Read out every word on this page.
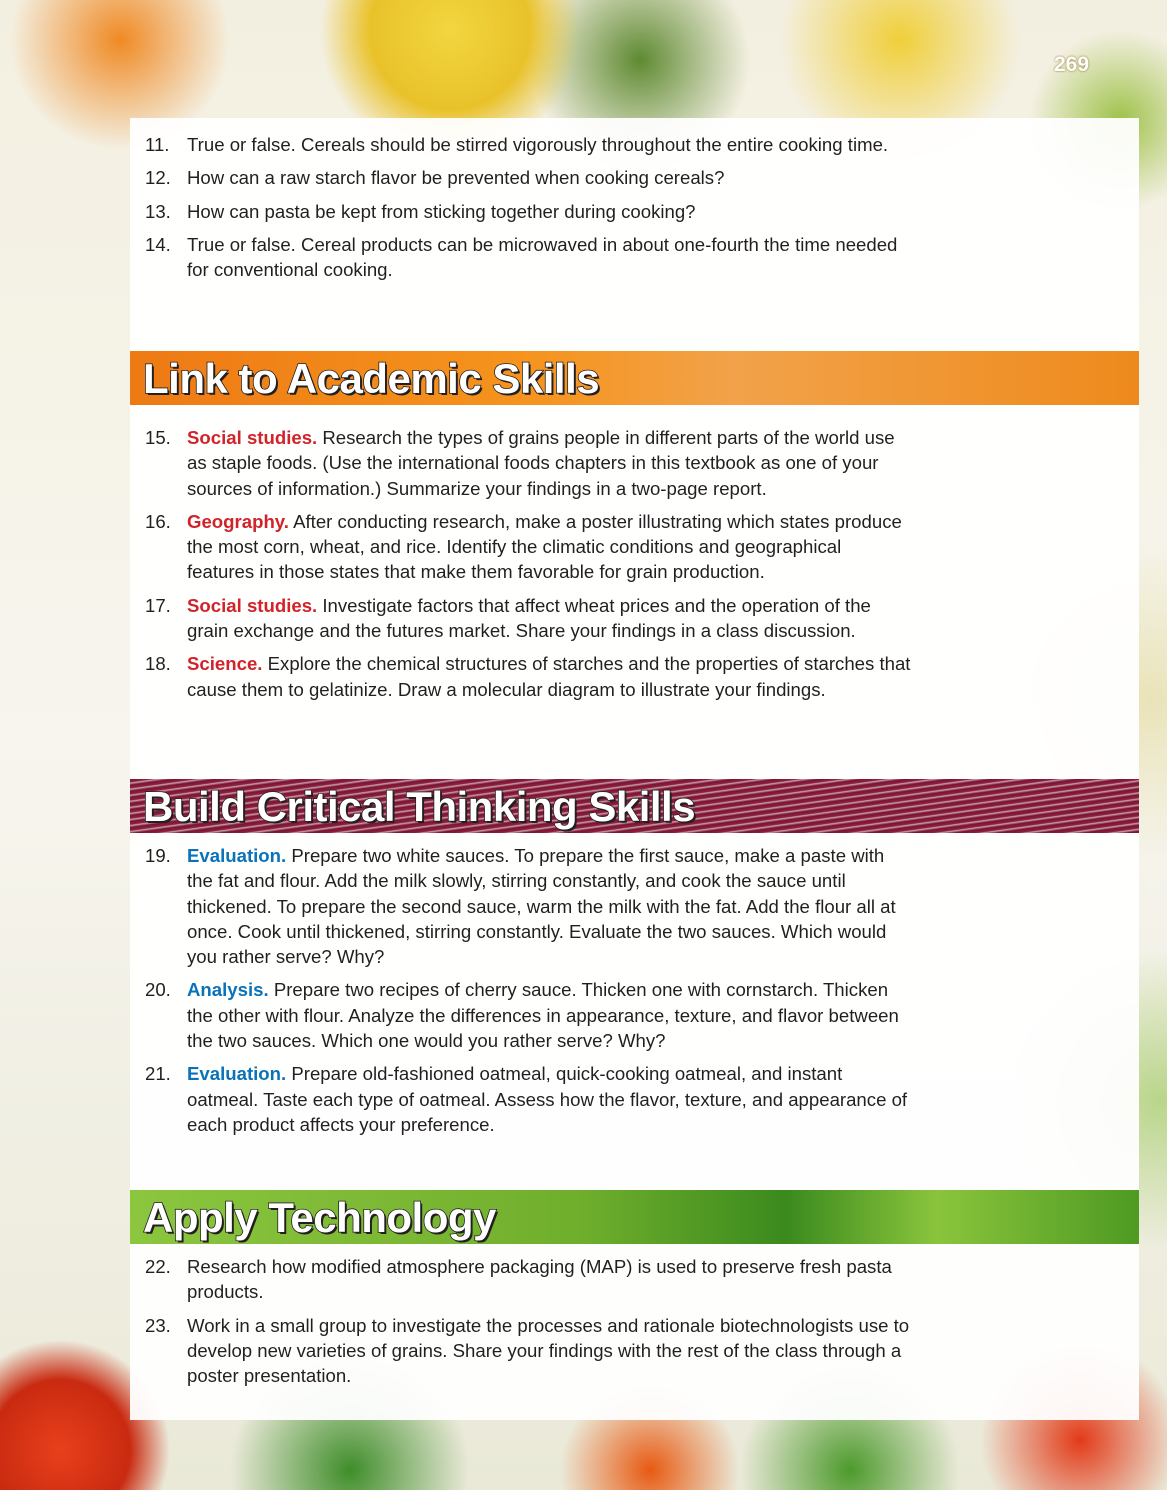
269
11. True or false. Cereals should be stirred vigorously throughout the entire cooking time.
12. How can a raw starch flavor be prevented when cooking cereals?
13. How can pasta be kept from sticking together during cooking?
14. True or false. Cereal products can be microwaved in about one-fourth the time needed for conventional cooking.
Link to Academic Skills
15. Social studies. Research the types of grains people in different parts of the world use as staple foods. (Use the international foods chapters in this textbook as one of your sources of information.) Summarize your findings in a two-page report.
16. Geography. After conducting research, make a poster illustrating which states produce the most corn, wheat, and rice. Identify the climatic conditions and geographical features in those states that make them favorable for grain production.
17. Social studies. Investigate factors that affect wheat prices and the operation of the grain exchange and the futures market. Share your findings in a class discussion.
18. Science. Explore the chemical structures of starches and the properties of starches that cause them to gelatinize. Draw a molecular diagram to illustrate your findings.
Build Critical Thinking Skills
19. Evaluation. Prepare two white sauces. To prepare the first sauce, make a paste with the fat and flour. Add the milk slowly, stirring constantly, and cook the sauce until thickened. To prepare the second sauce, warm the milk with the fat. Add the flour all at once. Cook until thickened, stirring constantly. Evaluate the two sauces. Which would you rather serve? Why?
20. Analysis. Prepare two recipes of cherry sauce. Thicken one with cornstarch. Thicken the other with flour. Analyze the differences in appearance, texture, and flavor between the two sauces. Which one would you rather serve? Why?
21. Evaluation. Prepare old-fashioned oatmeal, quick-cooking oatmeal, and instant oatmeal. Taste each type of oatmeal. Assess how the flavor, texture, and appearance of each product affects your preference.
Apply Technology
22. Research how modified atmosphere packaging (MAP) is used to preserve fresh pasta products.
23. Work in a small group to investigate the processes and rationale biotechnologists use to develop new varieties of grains. Share your findings with the rest of the class through a poster presentation.
